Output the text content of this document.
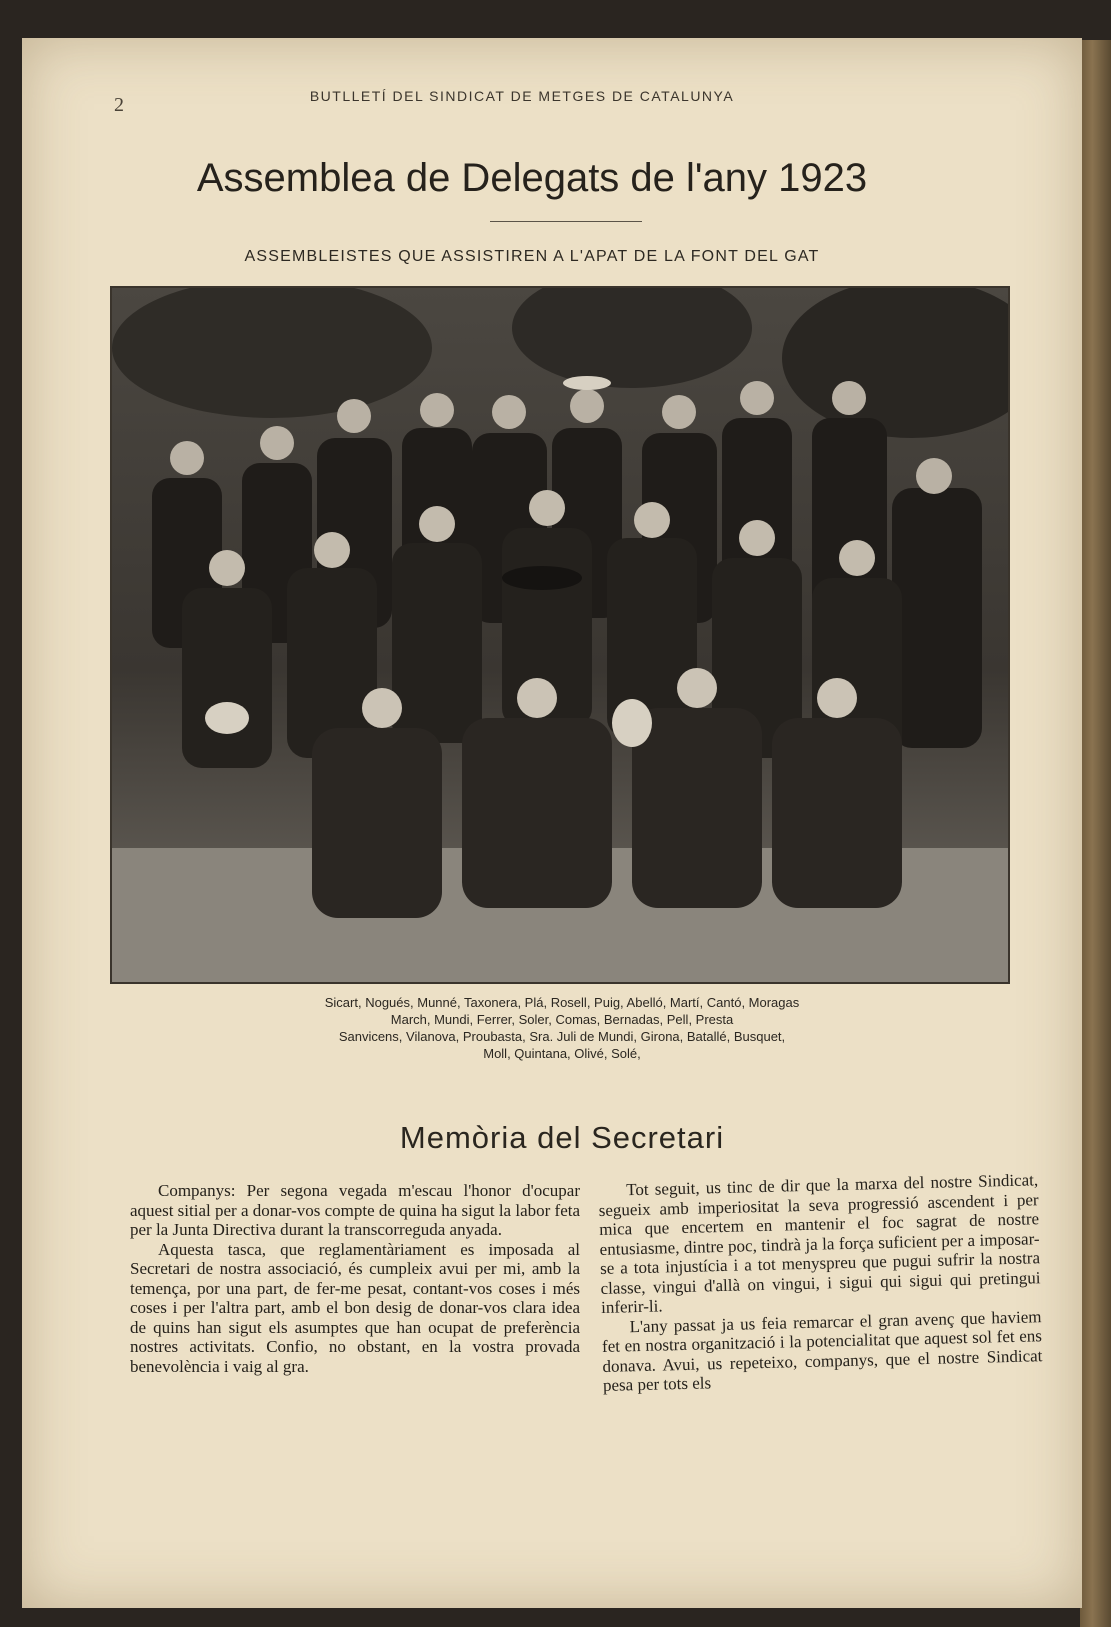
2	BUTLLETÍ DEL SINDICAT DE METGES DE CATALUNYA
Assemblea de Delegats de l'any 1923
ASSEMBLEISTES QUE ASSISTIREN A L'APAT DE LA FONT DEL GAT
Sicart, Nogués, Munné, Taxonera, Plá, Rosell, Puig, Abelló, Martí, Cantó, Moragas
March, Mundi, Ferrer, Soler, Comas, Bernadas, Pell, Presta
Sanvicens, Vilanova, Proubasta, Sra. Juli de Mundi, Girona, Batallé, Busquet,
Moll, Quintana, Olivé, Solé,
Memòria del Secretari

Companys: Per segona vegada m'escau l'honor d'ocupar aquest sitial per a donar-vos compte de quina ha sigut la labor feta per la Junta Directiva durant la transcorreguda anyada.

Aquesta tasca, que reglamentàriament es imposada al Secretari de nostra associació, és cumpleix avui per mi, amb la temença, por una part, de fer-me pesat, contant-vos coses i més coses i per l'altra part, amb el bon desig de donar-vos clara idea de quins han sigut els asumptes que han ocupat de preferència nostres activitats. Confio, no obstant, en la vostra provada benevolència i vaig al gra.

Tot seguit, us tinc de dir que la marxa del nostre Sindicat, segueix amb imperiositat la seva progressió ascendent i per mica que encertem en mantenir el foc sagrat de nostre entusiasme, dintre poc, tindrà ja la força suficient per a imposar-se a tota injustícia i a tot menyspreu que pugui sufrir la nostra classe, vingui d'allà on vingui, i sigui qui sigui qui pretingui inferir-li.

L'any passat ja us feia remarcar el gran avenç que haviem fet en nostra organització i la potencialitat que aquest sol fet ens donava. Avui, us repeteixo, companys, que el nostre Sindicat pesa per tots els
